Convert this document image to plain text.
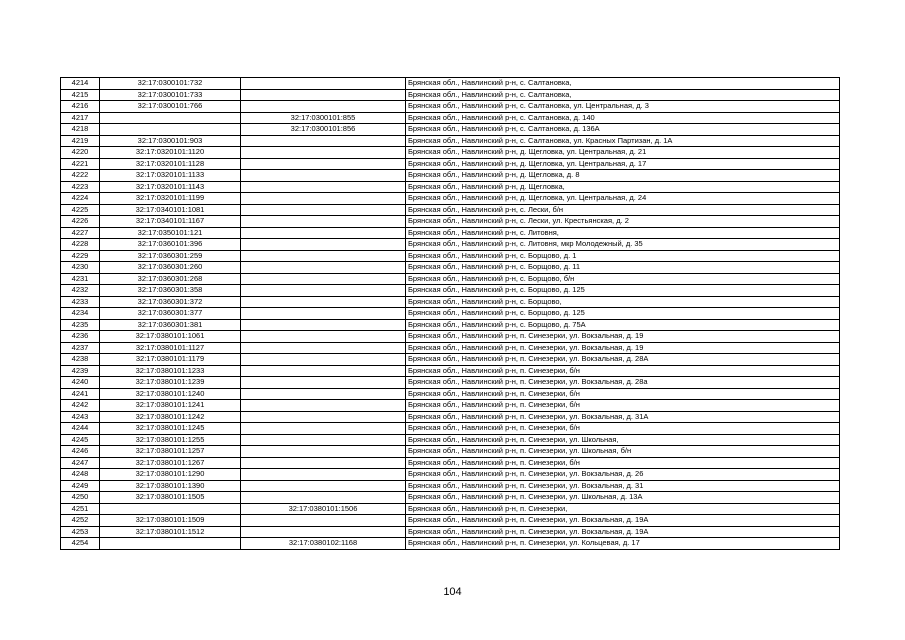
4214	32:17:0300101:732		Брянская обл., Навлинский р-н, с. Салтановка,
4215	32:17:0300101:733		Брянская обл., Навлинский р-н, с. Салтановка,
4216	32:17:0300101:766		Брянская обл., Навлинский р-н, с. Салтановка, ул. Центральная, д. 3
4217		32:17:0300101:855	Брянская обл., Навлинский р-н, с. Салтановка, д. 140
4218		32:17:0300101:856	Брянская обл., Навлинский р-н, с. Салтановка, д. 136А
4219	32:17:0300101:903		Брянская обл., Навлинский р-н, с. Салтановка, ул. Красных Партизан, д. 1А
4220	32:17:0320101:1120		Брянская обл., Навлинский р-н, д. Щегловка, ул. Центральная, д. 21
4221	32:17:0320101:1128		Брянская обл., Навлинский р-н, д. Щегловка, ул. Центральная, д. 17
4222	32:17:0320101:1133		Брянская обл., Навлинский р-н, д. Щегловка, д. 8
4223	32:17:0320101:1143		Брянская обл., Навлинский р-н, д. Щегловка,
4224	32:17:0320101:1199		Брянская обл., Навлинский р-н, д. Щегловка, ул. Центральная, д. 24
4225	32:17:0340101:1081		Брянская обл., Навлинский р-н, с. Лески, б/н
4226	32:17:0340101:1167		Брянская обл., Навлинский р-н, с. Лески, ул. Крестьянская, д. 2
4227	32:17:0350101:121		Брянская обл., Навлинский р-н, с. Литовня,
4228	32:17:0360101:396		Брянская обл., Навлинский р-н, с. Литовня, мкр Молодежный, д. 35
4229	32:17:0360301:259		Брянская обл., Навлинский р-н, с. Борщово, д. 1
4230	32:17:0360301:260		Брянская обл., Навлинский р-н, с. Борщово, д. 11
4231	32:17:0360301:268		Брянская обл., Навлинский р-н, с. Борщово, б/н
4232	32:17:0360301:358		Брянская обл., Навлинский р-н, с. Борщово, д. 125
4233	32:17:0360301:372		Брянская обл., Навлинский р-н, с. Борщово,
4234	32:17:0360301:377		Брянская обл., Навлинский р-н, с. Борщово, д. 125
4235	32:17:0360301:381		Брянская обл., Навлинский р-н, с. Борщово, д. 75А
4236	32:17:0380101:1061		Брянская обл., Навлинский р-н, п. Синезерки, ул. Вокзальная, д. 19
4237	32:17:0380101:1127		Брянская обл., Навлинский р-н, п. Синезерки, ул. Вокзальная, д. 19
4238	32:17:0380101:1179		Брянская обл., Навлинский р-н, п. Синезерки, ул. Вокзальная, д. 28А
4239	32:17:0380101:1233		Брянская обл., Навлинский р-н, п. Синезерки, б/н
4240	32:17:0380101:1239		Брянская обл., Навлинский р-н, п. Синезерки, ул. Вокзальная, д. 28а
4241	32:17:0380101:1240		Брянская обл., Навлинский р-н, п. Синезерки, б/н
4242	32:17:0380101:1241		Брянская обл., Навлинский р-н, п. Синезерки, б/н
4243	32:17:0380101:1242		Брянская обл., Навлинский р-н, п. Синезерки, ул. Вокзальная, д. 31А
4244	32:17:0380101:1245		Брянская обл., Навлинский р-н, п. Синезерки, б/н
4245	32:17:0380101:1255		Брянская обл., Навлинский р-н, п. Синезерки, ул. Школьная,
4246	32:17:0380101:1257		Брянская обл., Навлинский р-н, п. Синезерки, ул. Школьная, б/н
4247	32:17:0380101:1267		Брянская обл., Навлинский р-н, п. Синезерки, б/н
4248	32:17:0380101:1290		Брянская обл., Навлинский р-н, п. Синезерки, ул. Вокзальная, д. 26
4249	32:17:0380101:1390		Брянская обл., Навлинский р-н, п. Синезерки, ул. Вокзальная, д. 31
4250	32:17:0380101:1505		Брянская обл., Навлинский р-н, п. Синезерки, ул. Школьная, д. 13А
4251		32:17:0380101:1506	Брянская обл., Навлинский р-н, п. Синезерки,
4252	32:17:0380101:1509		Брянская обл., Навлинский р-н, п. Синезерки, ул. Вокзальная, д. 19А
4253	32:17:0380101:1512		Брянская обл., Навлинский р-н, п. Синезерки, ул. Вокзальная, д. 19А
4254		32:17:0380102:1168	Брянская обл., Навлинский р-н, п. Синезерки, ул. Кольцевая, д. 17
104
